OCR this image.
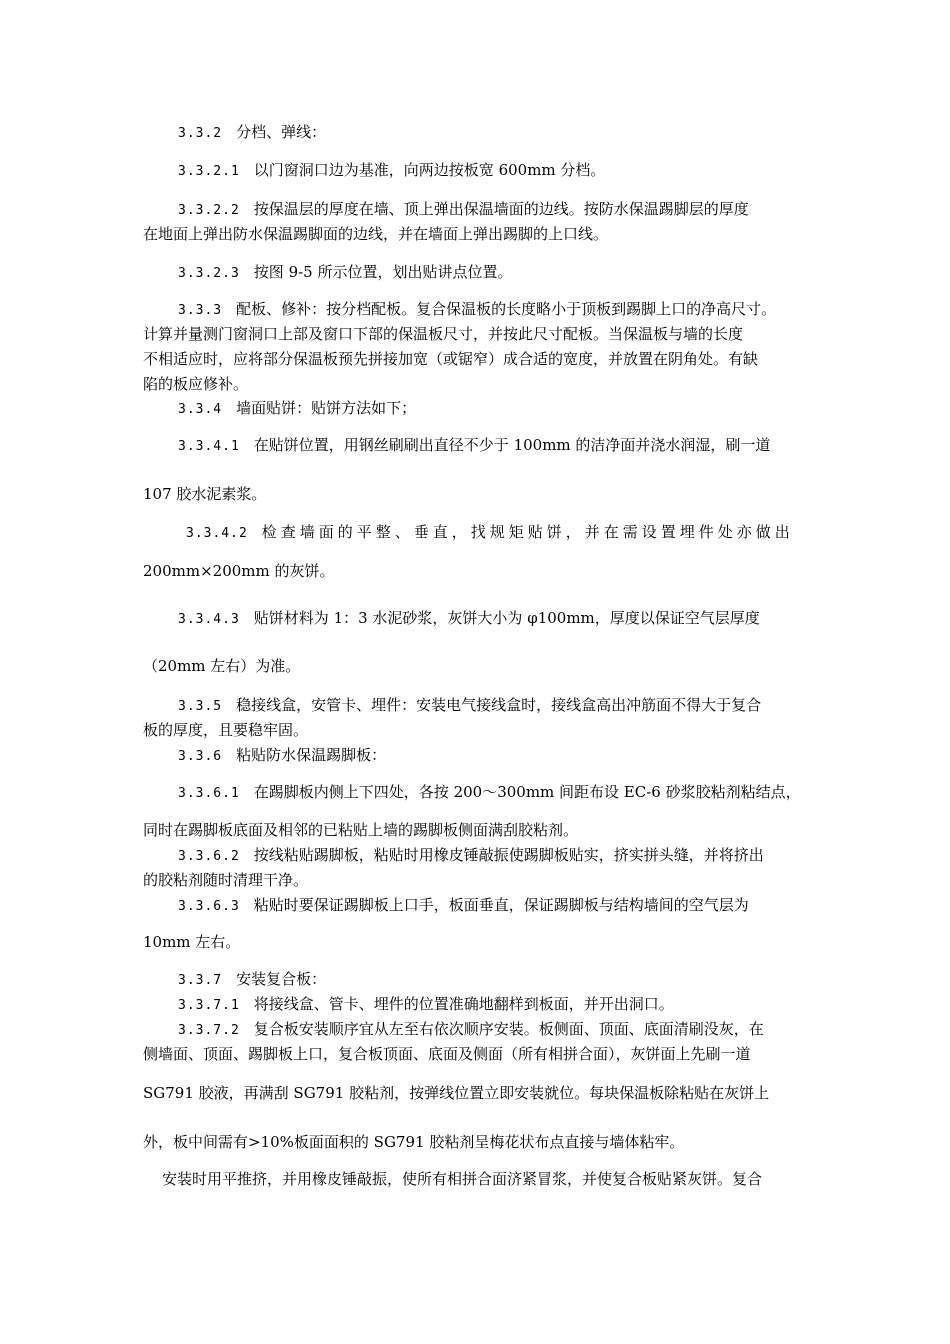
3.3.2 分档、弹线：
3.3.2.1 以门窗洞口边为基准，向两边按板宽 600mm 分档。
3.3.2.2 按保温层的厚度在墙、顶上弹出保温墙面的边线。按防水保温踢脚层的厚度
在地面上弹出防水保温踢脚面的边线，并在墙面上弹出踢脚的上口线。
3.3.2.3 按图 9-5 所示位置，划出贴讲点位置。
3.3.3 配板、修补：按分档配板。复合保温板的长度略小于顶板到踢脚上口的净高尺寸。
计算并量测门窗洞口上部及窗口下部的保温板尺寸，并按此尺寸配板。当保温板与墙的长度
不相适应时，应将部分保温板预先拼接加宽（或锯窄）成合适的宽度，并放置在阴角处。有缺
陷的板应修补。
3.3.4 墙面贴饼：贴饼方法如下；
3.3.4.1 在贴饼位置，用钢丝刷刷出直径不少于 100mm 的洁净面并浇水润湿，刷一道
107 胶水泥素浆。
3.3.4.2 检查墙面的平整、垂直，找规矩贴饼，并在需设置埋件处亦做出
200mm×200mm 的灰饼。
3.3.4.3 贴饼材料为 1：3 水泥砂浆，灰饼大小为 φ100mm，厚度以保证空气层厚度
（20mm 左右）为准。
3.3.5 稳接线盒，安管卡、埋件：安装电气接线盒时，接线盒高出冲筋面不得大于复合
板的厚度，且要稳牢固。
3.3.6 粘贴防水保温踢脚板：
3.3.6.1 在踢脚板内侧上下四处，各按 200～300mm 间距布设 EC-6 砂浆胶粘剂粘结点，
同时在踢脚板底面及相邻的已粘贴上墙的踢脚板侧面满刮胶粘剂。
3.3.6.2 按线粘贴踢脚板，粘贴时用橡皮锤敲振使踢脚板贴实，挤实拼头缝，并将挤出
的胶粘剂随时清理干净。
3.3.6.3 粘贴时要保证踢脚板上口手，板面垂直，保证踢脚板与结构墙间的空气层为
10mm 左右。
3.3.7 安装复合板：
3.3.7.1 将接线盒、管卡、埋件的位置准确地翻样到板面，并开出洞口。
3.3.7.2 复合板安装顺序宜从左至右依次顺序安装。板侧面、顶面、底面清刷没灰，在
侧墙面、顶面、踢脚板上口，复合板顶面、底面及侧面（所有相拼合面），灰饼面上先刷一道
SG791 胶液，再满刮 SG791 胶粘剂，按弹线位置立即安装就位。每块保温板除粘贴在灰饼上
外，板中间需有>10%板面面积的 SG791 胶粘剂呈梅花状布点直接与墙体粘牢。
安装时用平推挤，并用橡皮锤敲振，使所有相拼合面济紧冒浆，并使复合板贴紧灰饼。复合
